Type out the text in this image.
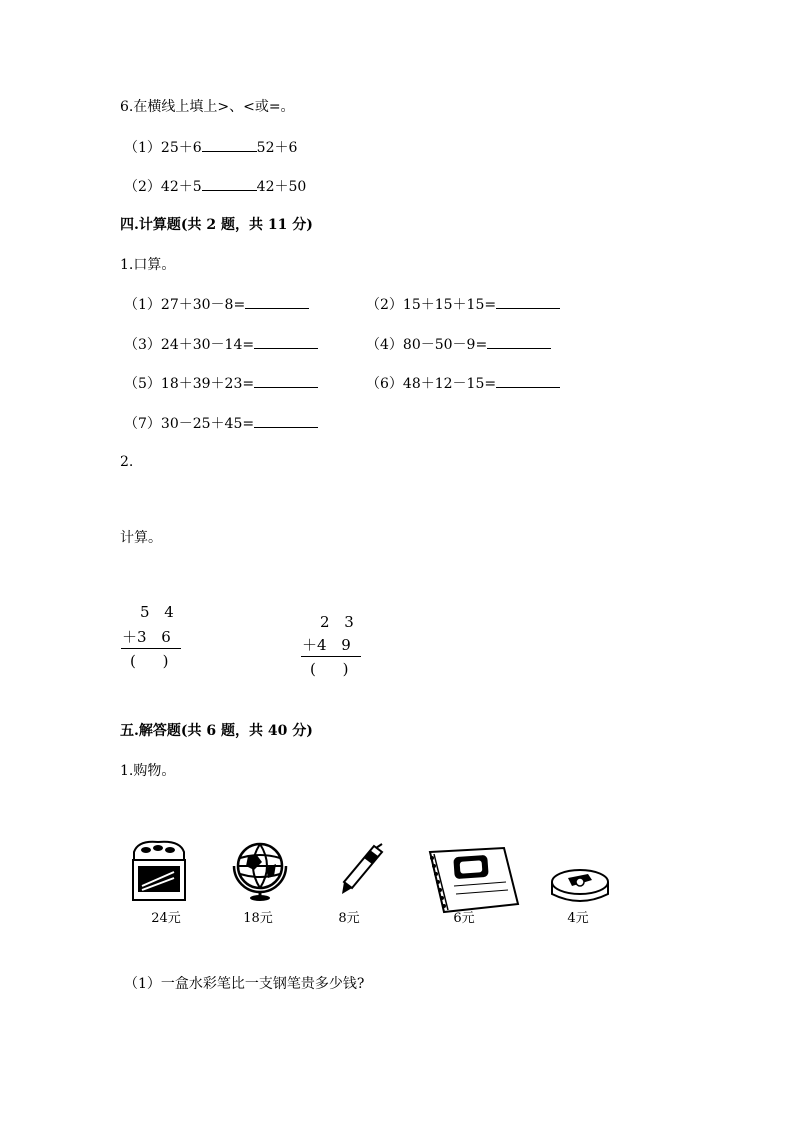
6.在横线上填上>、<或=。
（1）25＋6	52＋6
（2）42＋5	42＋50
四.计算题(共 2 题，共 11 分)
1.口算。
（1）27＋30－8=	（2）15＋15＋15=
（3）24＋30－14=	（4）80－50－9=
（5）18＋39＋23=	（6）48＋12－15=
（7）30－25＋45=
2.
计算。
5 4
＋3 6
( )
2 3
＋4 9
( )
五.解答题(共 6 题，共 40 分)
1.购物。
24元	18元	8元	6元	4元
（1）一盒水彩笔比一支钢笔贵多少钱?
